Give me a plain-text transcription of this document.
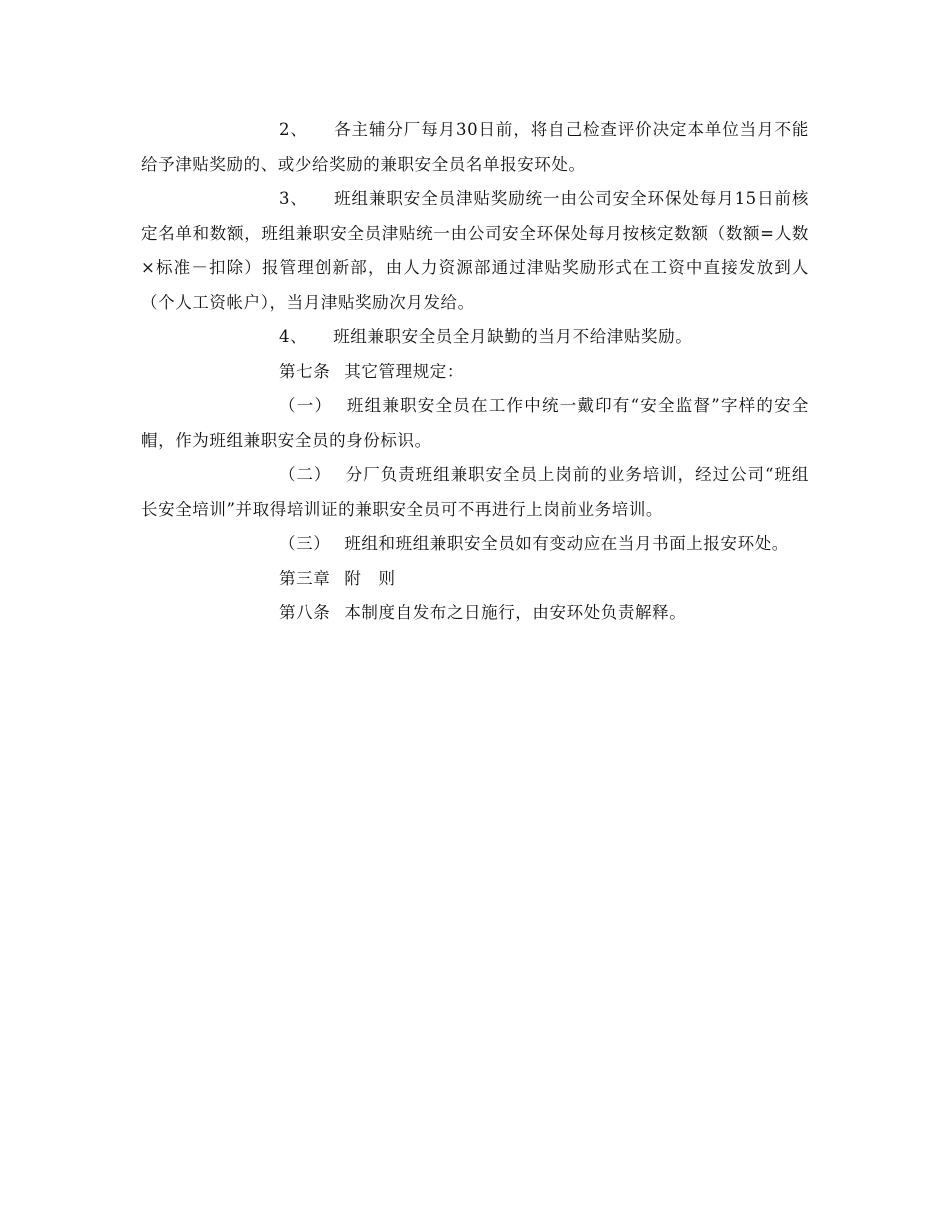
2、 各主辅分厂每月30日前，将自己检查评价决定本单位当月不能给予津贴奖励的、或少给奖励的兼职安全员名单报安环处。

3、 班组兼职安全员津贴奖励统一由公司安全环保处每月15日前核定名单和数额，班组兼职安全员津贴统一由公司安全环保处每月按核定数额（数额=人数×标准－扣除）报管理创新部，由人力资源部通过津贴奖励形式在工资中直接发放到人（个人工资帐户），当月津贴奖励次月发给。

4、 班组兼职安全员全月缺勤的当月不给津贴奖励。

第七条 其它管理规定：

（一） 班组兼职安全员在工作中统一戴印有“安全监督”字样的安全帽，作为班组兼职安全员的身份标识。

（二） 分厂负责班组兼职安全员上岗前的业务培训，经过公司“班组长安全培训”并取得培训证的兼职安全员可不再进行上岗前业务培训。

（三） 班组和班组兼职安全员如有变动应在当月书面上报安环处。

第三章 附　则

第八条 本制度自发布之日施行，由安环处负责解释。
